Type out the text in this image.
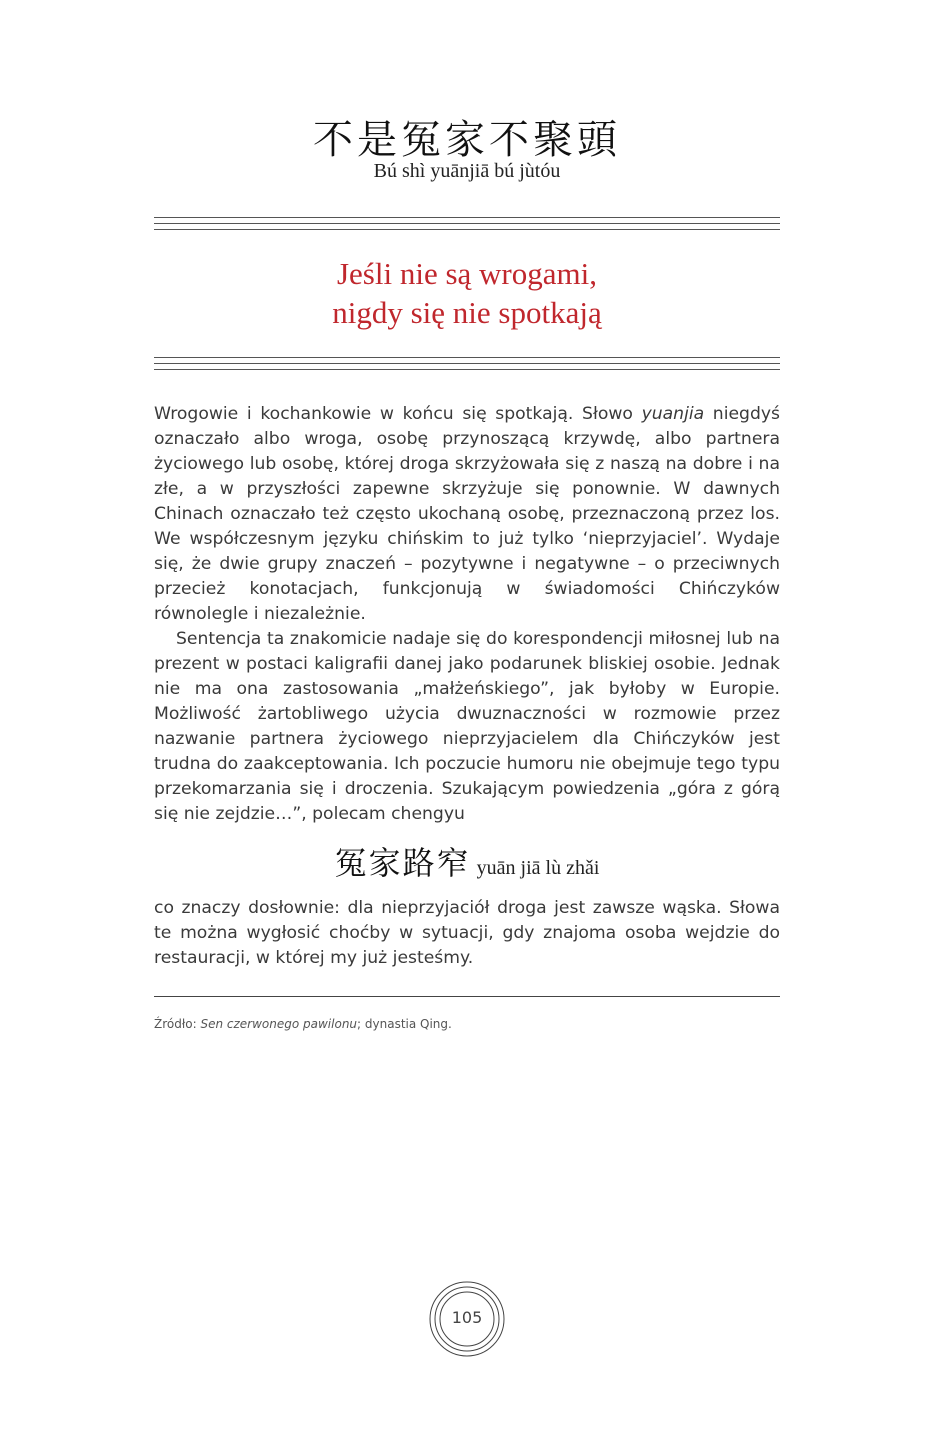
不是冤家不聚頭
Bú shì yuānjiā bú jùtóu
Jeśli nie są wrogami,
nigdy się nie spotkają

Wrogowie i kochankowie w końcu się spotkają. Słowo yuanjia niegdyś oznaczało albo wroga, osobę przynoszącą krzywdę, albo partnera życiowego lub osobę, której droga skrzyżowała się z naszą na dobre i na złe, a w przyszłości zapewne skrzyżuje się ponownie. W dawnych Chinach oznaczało też często ukochaną osobę, przeznaczoną przez los. We współczesnym języku chińskim to już tylko ‘nieprzyjaciel’. Wydaje się, że dwie grupy znaczeń – pozytywne i negatywne – o przeciwnych przecież konotacjach, funkcjonują w świadomości Chińczyków równolegle i niezależnie.

Sentencja ta znakomicie nadaje się do korespondencji miłosnej lub na prezent w postaci kaligrafii danej jako podarunek bliskiej osobie. Jednak nie ma ona zastosowania „małżeńskiego”, jak byłoby w Europie. Możliwość żartobliwego użycia dwuznaczności w rozmowie przez nazwanie partnera życiowego nieprzyjacielem dla Chińczyków jest trudna do zaakceptowania. Ich poczucie humoru nie obejmuje tego typu przekomarzania się i droczenia. Szukającym powiedzenia „góra z górą się nie zejdzie…”, polecam chengyu

冤家路窄 yuān jiā lù zhǎi

co znaczy dosłownie: dla nieprzyjaciół droga jest zawsze wąska. Słowa te można wygłosić choćby w sytuacji, gdy znajoma osoba wejdzie do restauracji, w której my już jesteśmy.

Źródło: Sen czerwonego pawilonu; dynastia Qing.
105
